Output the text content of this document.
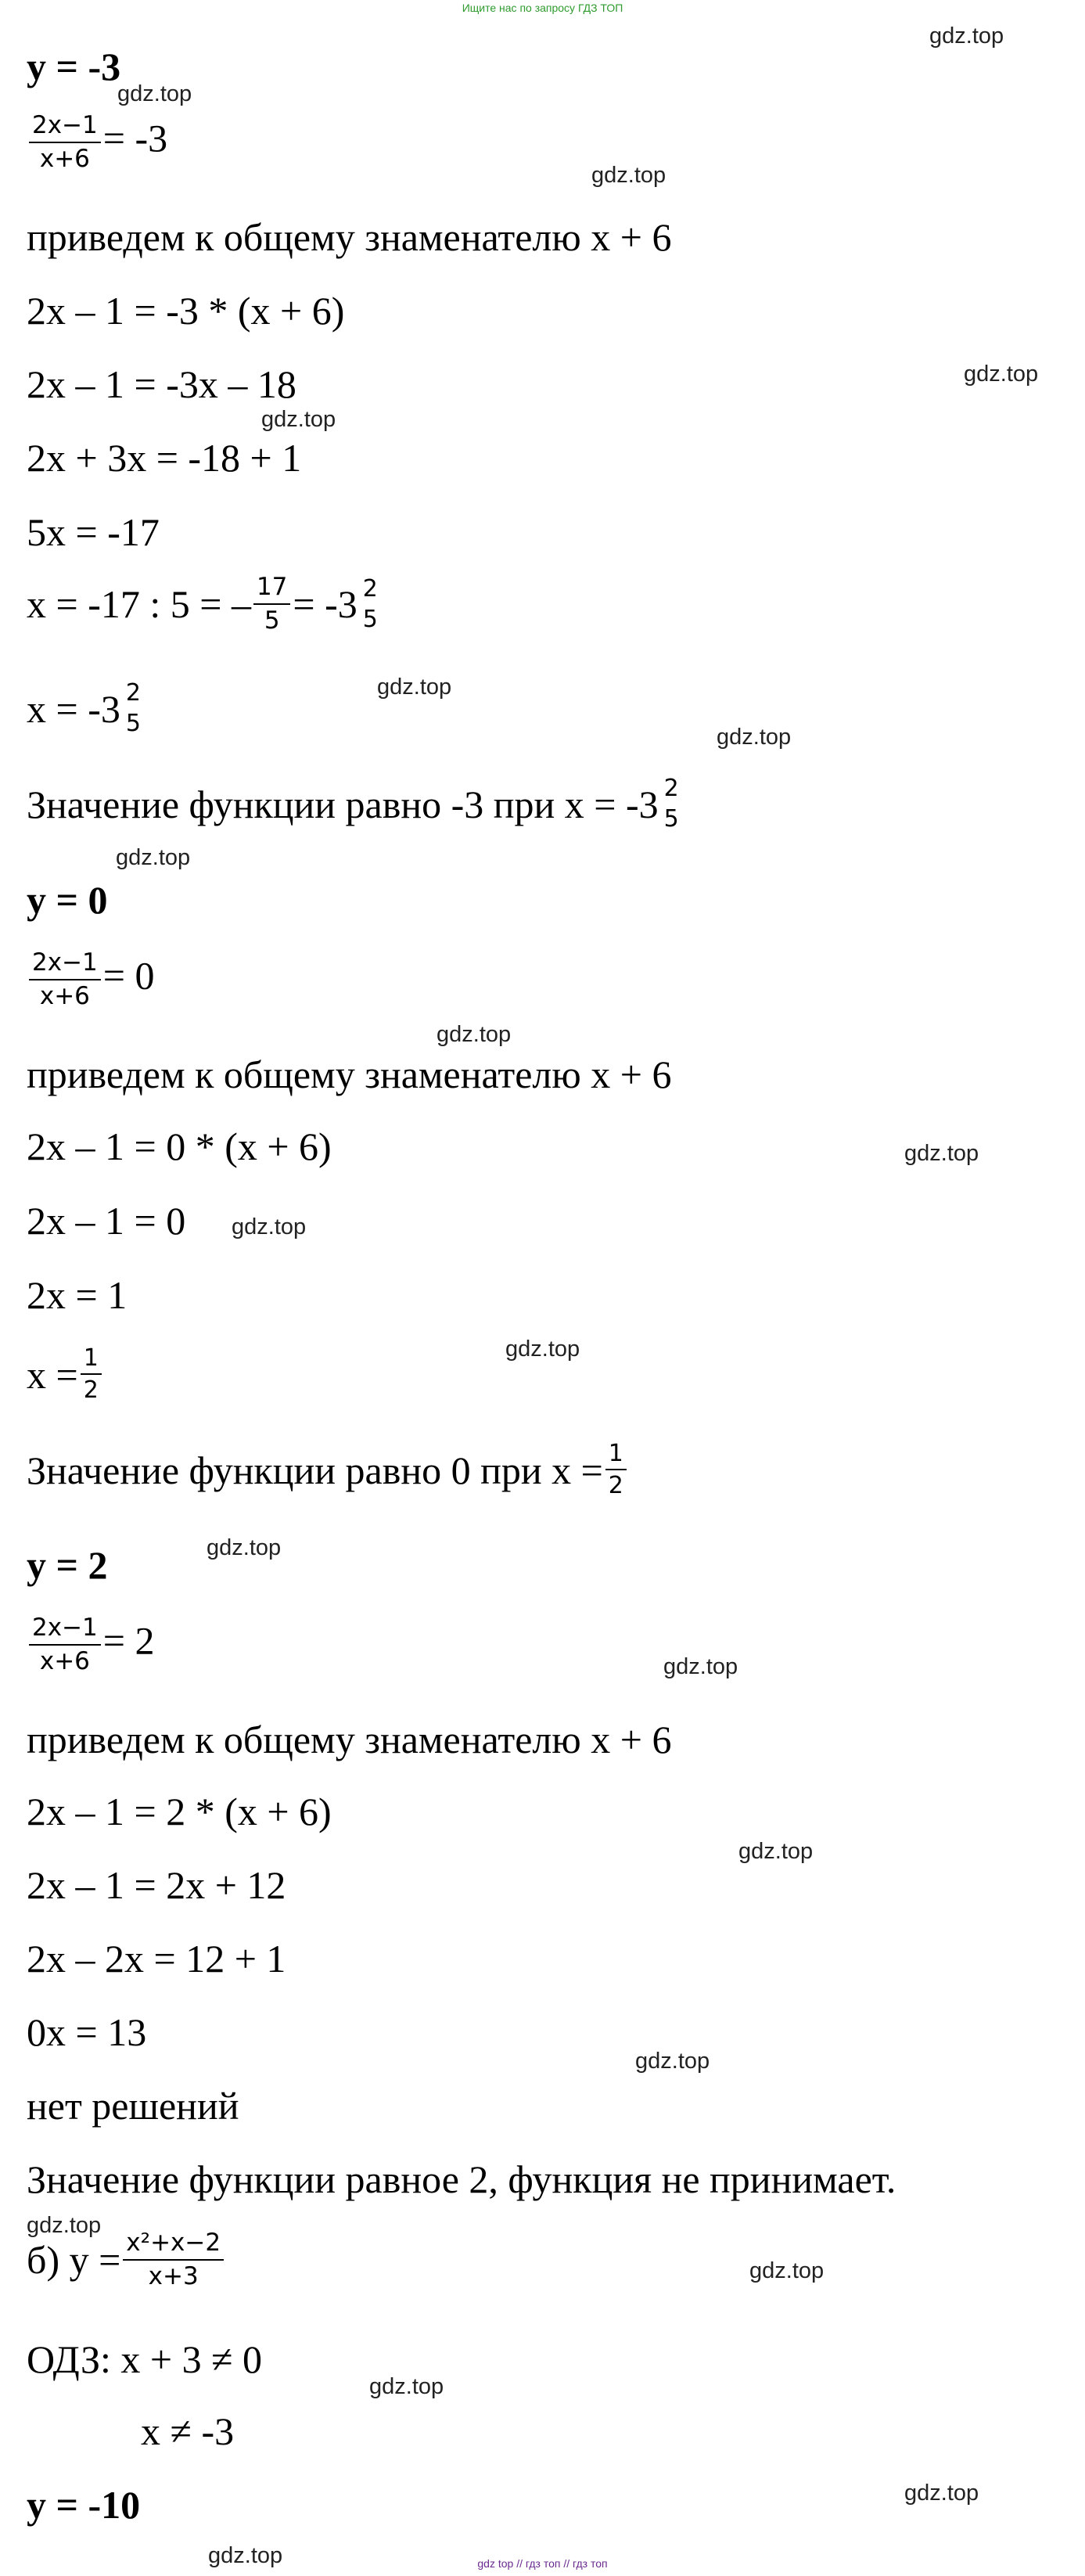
Ищите нас по запросу ГДЗ ТОП
y = -3
$\frac{2x-1}{x+6} = -3$
приведем к общему знаменателю x + 6
2x – 1 = -3 * (x + 6)
2x – 1 = -3x – 18
2x + 3x = -18 + 1
5x = -17
x = -17 : 5 = – $\frac{17}{5} = -3$ 2
5
x = -3 2
5
Значение функции равно -3 при x = -3 2
5
y = 0
$\frac{2x-1}{x+6} = 0$
приведем к общему знаменателю x + 6
2x – 1 = 0 * (x + 6)
2x – 1 = 0
2x = 1
$x = \frac{1}{2}$
Значение функции равно 0 при $x = \frac{1}{2}$
y = 2
$\frac{2x-1}{x+6} = 2$
приведем к общему знаменателю x + 6
2x – 1 = 2 * (x + 6)
2x – 1 = 2x + 12
2x – 2x = 12 + 1
0x = 13
нет решений
Значение функции равное 2, функция не принимает.
б) $y = \frac{\text{x²+x−2}}{x+3}$
ОДЗ: x + 3 ≠ 0
x ≠ -3
y = -10
gdz.top
gdz.top
gdz.top
gdz.top
gdz.top
gdz.top
gdz.top
gdz.top
gdz.top
gdz.top
gdz.top
gdz.top
gdz.top
gdz.top
gdz.top
gdz.top
gdz.top
gdz.top
gdz.top
gdz.top
gdz.top	gdz top // гдз топ // гдз топ
